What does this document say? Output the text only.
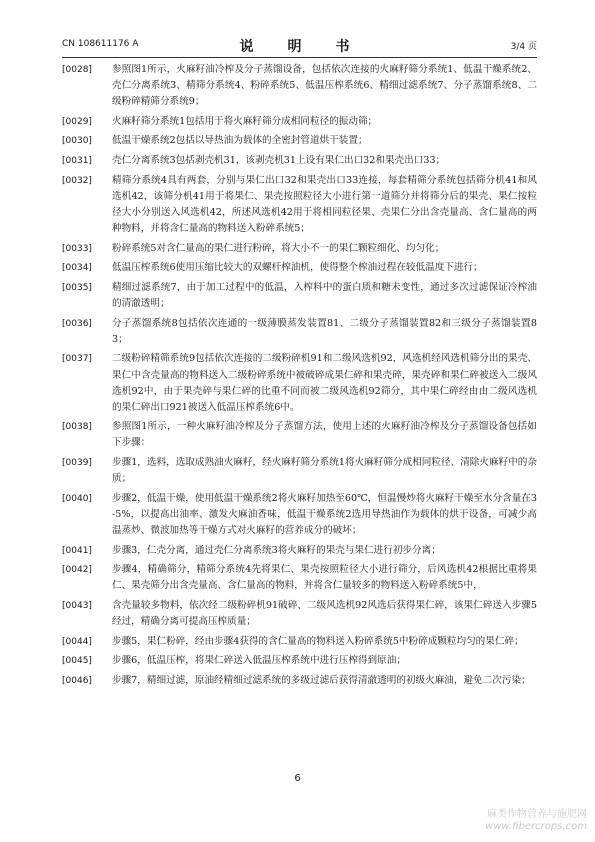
CN 108611176 A	说　明　书	3/4 页
[0028]	参照图1所示，火麻籽油冷榨及分子蒸馏设备，包括依次连接的火麻籽筛分系统1、低温干燥系统2、壳仁分离系统3、精筛分系统4、粉碎系统5、低温压榨系统6、精细过滤系统7、分子蒸馏系统8、二级粉碎精筛分系统9；
[0029]	火麻籽筛分系统1包括用于将火麻籽筛分成相同粒径的振动筛；
[0030]	低温干燥系统2包括以导热油为载体的全密封管道烘干装置；
[0031]	壳仁分离系统3包括剥壳机31，该剥壳机31上设有果仁出口32和果壳出口33；
[0032]	精筛分系统4具有两套，分别与果仁出口32和果壳出口33连接，每套精筛分系统包括筛分机41和风选机42，该筛分机41用于将果仁、果壳按照粒径大小进行第一道筛分并将筛分后的果壳、果仁按粒径大小分别送入风选机42，所述风选机42用于将相同粒径果、壳果仁分出含壳量高、含仁量高的两种物料，并将含仁量高的物料送入粉碎系统5；
[0033]	粉碎系统5对含仁量高的果仁进行粉碎，将大小不一的果仁颗粒细化、均匀化；
[0034]	低温压榨系统6使用压缩比较大的双螺杆榨油机，使得整个榨油过程在较低温度下进行；
[0035]	精细过滤系统7，由于加工过程中的低温，入榨料中的蛋白质和糖未变性，通过多次过滤保证冷榨油的清澈透明；
[0036]	分子蒸馏系统8包括依次连通的一级薄膜蒸发装置81、二级分子蒸馏装置82和三级分子蒸馏装置83；
[0037]	二级粉碎精筛系统9包括依次连接的二级粉碎机91和二级风选机92，风选机经风选机筛分出的果壳、果仁中含壳量高的物料送入二级粉碎系统中被破碎成果仁碎和果壳碎，果壳碎和果仁碎被送入二级风选机92中，由于果壳碎与果仁碎的比重不同而被二级风选机92筛分，其中果仁碎经由由二级风选机的果仁碎出口921被送入低温压榨系统6中。
[0038]	参照图1所示，一种火麻籽油冷榨及分子蒸馏方法，使用上述的火麻籽油冷榨及分子蒸馏设备包括如下步骤：
[0039]	步骤1，选料，选取成熟油火麻籽，经火麻籽筛分系统1将火麻籽筛分成相同粒径、清除火麻籽中的杂质；
[0040]	步骤2，低温干燥，使用低温干燥系统2将火麻籽加热至60℃，恒温慢炒将火麻籽干燥至水分含量在3-5%，以提高出油率、激发火麻油香味，低温干燥系统2选用导热油作为载体的烘干设备，可减少高温蒸炒、微波加热等干燥方式对火麻籽的营养成分的破坏；
[0041]	步骤3，仁壳分离，通过壳仁分离系统3将火麻籽的果壳与果仁进行初步分离；
[0042]	步骤4，精确筛分，精筛分系统4先将果仁、果壳按照粒径大小进行筛分，后风选机42根据比重将果仁、果壳筛分出含壳量高、含仁量高的物料，并将含仁量较多的物料送入粉碎系统5中，
[0043]	含壳量较多物料，依次经二级粉碎机91破碎、二级风选机92风选后获得果仁碎，该果仁碎送入步骤5经过，精确分离可提高压榨质量；
[0044]	步骤5，果仁粉碎，经由步骤4获得的含仁量高的物料送入粉碎系统5中粉碎成颗粒均匀的果仁碎；
[0045]	步骤6，低温压榨，将果仁碎送入低温压榨系统中进行压榨得到原油；
[0046]	步骤7，精细过滤，原油经精细过滤系统的多级过滤后获得清澈透明的初级火麻油，避免二次污染；
6
麻类作物营养与施肥网
www.fibercrops.com
